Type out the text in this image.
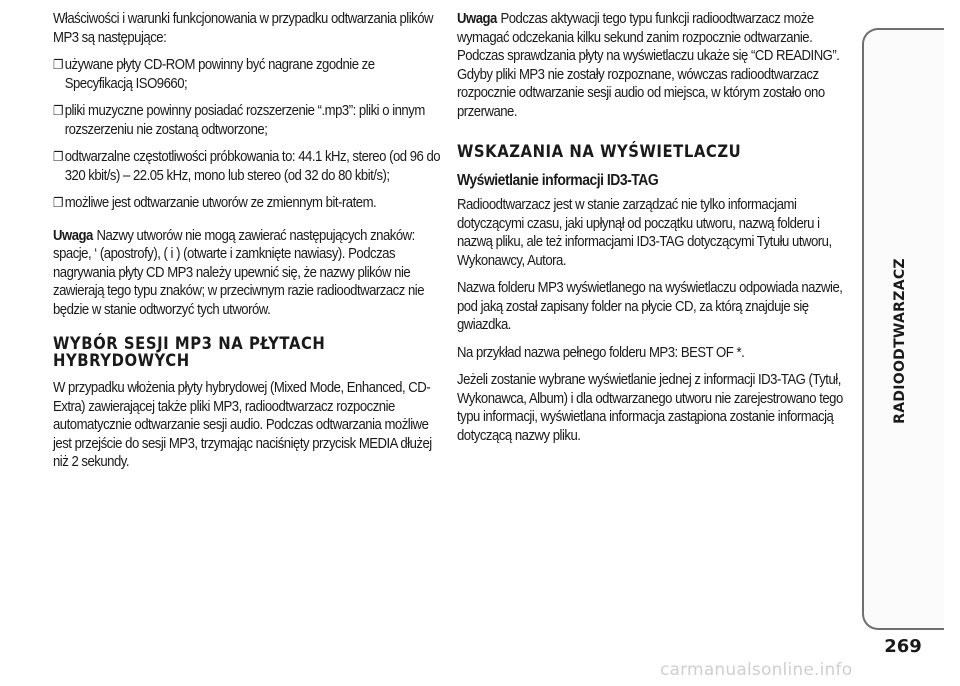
Właściwości i warunki funkcjonowania w przypadku odtwarzania plików MP3 są następujące:

❐ używane płyty CD-ROM powinny być nagrane zgodnie ze Specyfikacją ISO9660;
❐ pliki muzyczne powinny posiadać rozszerzenie “.mp3”: pliki o innym rozszerzeniu nie zostaną odtworzone;
❐ odtwarzalne częstotliwości próbkowania to: 44.1 kHz, stereo (od 96 do 320 kbit/s) – 22.05 kHz, mono lub stereo (od 32 do 80 kbit/s);
❐ możliwe jest odtwarzanie utworów ze zmiennym bit-ratem.

Uwaga Nazwy utworów nie mogą zawierać następujących znaków: spacje, ‘ (apostrofy), ( i ) (otwarte i zamknięte nawiasy). Podczas nagrywania płyty CD MP3 należy upewnić się, że nazwy plików nie zawierają tego typu znaków; w przeciwnym razie radioodtwarzacz nie będzie w stanie odtworzyć tych utworów.

WYBÓR SESJI MP3 NA PŁYTACH HYBRYDOWYCH

W przypadku włożenia płyty hybrydowej (Mixed Mode, Enhanced, CD-Extra) zawierającej także pliki MP3, radioodtwarzacz rozpocznie automatycznie odtwarzanie sesji audio. Podczas odtwarzania możliwe jest przejście do sesji MP3, trzymając naciśnięty przycisk MEDIA dłużej niż 2 sekundy.

Uwaga Podczas aktywacji tego typu funkcji radioodtwarzacz może wymagać odczekania kilku sekund zanim rozpocznie odtwarzanie. Podczas sprawdzania płyty na wyświetlaczu ukaże się “CD READING”. Gdyby pliki MP3 nie zostały rozpoznane, wówczas radioodtwarzacz rozpocznie odtwarzanie sesji audio od miejsca, w którym zostało ono przerwane.

WSKAZANIA NA WYŚWIETLACZU
Wyświetlanie informacji ID3-TAG

Radioodtwarzacz jest w stanie zarządzać nie tylko informacjami dotyczącymi czasu, jaki upłynął od początku utworu, nazwą folderu i nazwą pliku, ale też informacjami ID3-TAG dotyczącymi Tytułu utworu, Wykonawcy, Autora.

Nazwa folderu MP3 wyświetlanego na wyświetlaczu odpowiada nazwie, pod jaką został zapisany folder na płycie CD, za którą znajduje się gwiazdka.

Na przykład nazwa pełnego folderu MP3: BEST OF *.

Jeżeli zostanie wybrane wyświetlanie jednej z informacji ID3-TAG (Tytuł, Wykonawca, Album) i dla odtwarzanego utworu nie zarejestrowano tego typu informacji, wyświetlana informacja zastąpiona zostanie informacją dotyczącą nazwy pliku.

RADIOODTWARZACZ
269
carmanualsonline.info
